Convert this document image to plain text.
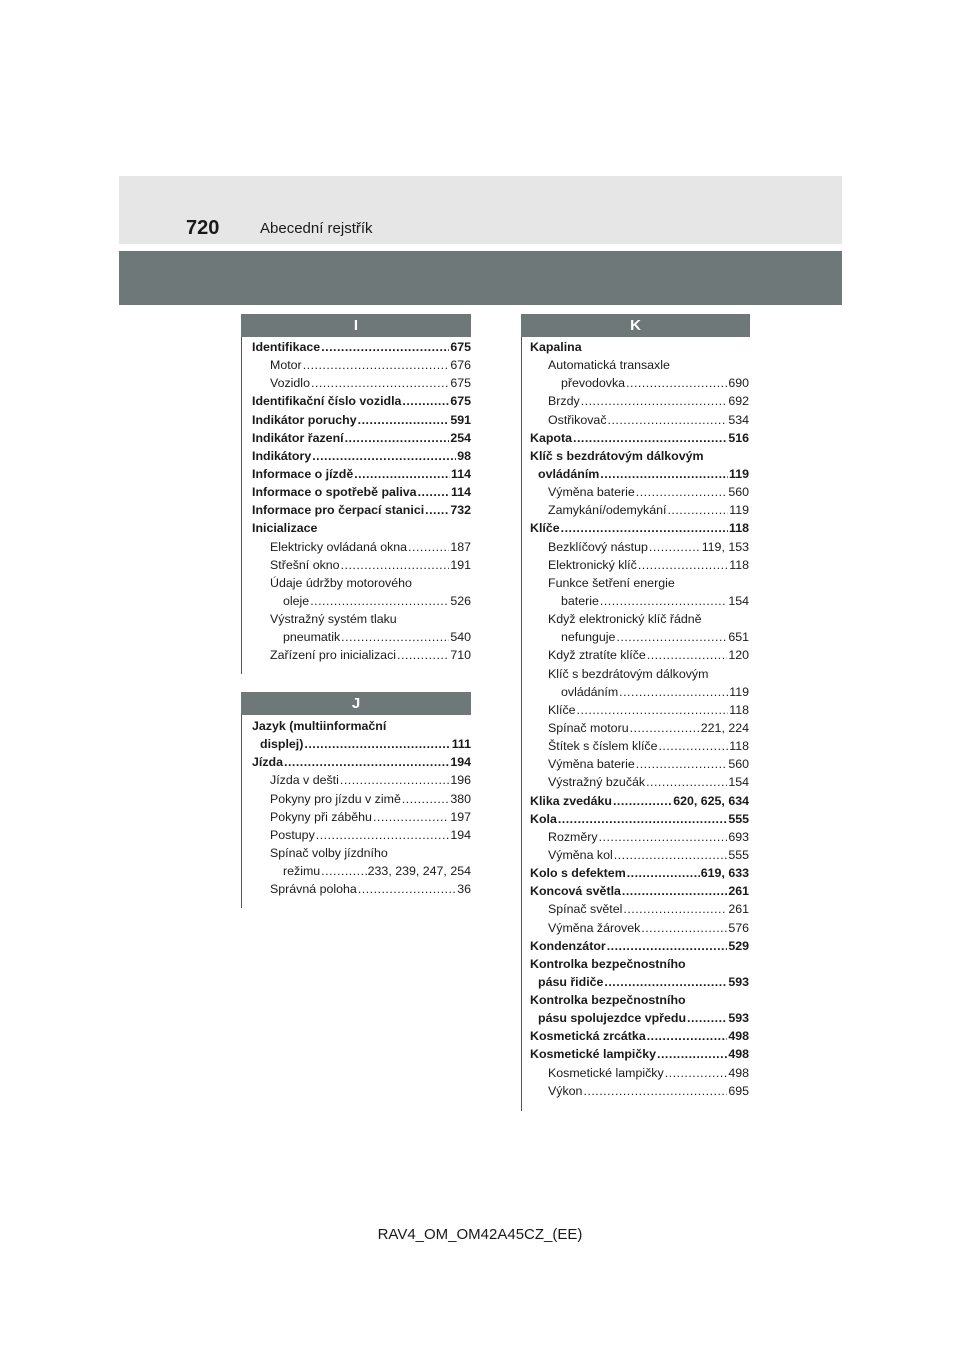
720	Abecední rejstřík
I
Identifikace .....	675
Motor .....	676
Vozidlo .....	675
Identifikační číslo vozidla .....	675
Indikátor poruchy .....	591
Indikátor řazení .....	254
Indikátory .....	98
Informace o jízdě .....	114
Informace o spotřebě paliva .....	114
Informace pro čerpací stanici ..... 732
Inicializace
Elektricky ovládaná okna .....	187
Střešní okno .....	191
Údaje údržby motorového
oleje .....	526
Výstražný systém tlaku
pneumatik .....	540
Zařízení pro inicializaci .....	710
J
Jazyk (multiinformační
displej) .....	111
Jízda .....	194
Jízda v dešti .....	196
Pokyny pro jízdu v zimě .....	380
Pokyny při záběhu .....	197
Postupy .....	194
Spínač volby jízdního
režimu .....	233, 239, 247, 254
Správná poloha .....	36
K
Kapalina
Automatická transaxle
převodovka .....	690
Brzdy .....	692
Ostřikovač .....	534
Kapota .....	516
Klíč s bezdrátovým dálkovým
ovládáním .....	119
Výměna baterie .....	560
Zamykání/odemykání .....	119
Klíče .....	118
Bezklíčový nástup .....	119, 153
Elektronický klíč .....	118
Funkce šetření energie
baterie .....	154
Když elektronický klíč řádně
nefunguje .....	651
Když ztratíte klíče .....	120
Klíč s bezdrátovým dálkovým
ovládáním .....	119
Klíče .....	118
Spínač motoru .....	221, 224
Štítek s číslem klíče .....	118
Výměna baterie .....	560
Výstražný bzučák .....	154
Klika zvedáku .....	620, 625, 634
Kola .....	555
Rozměry .....	693
Výměna kol .....	555
Kolo s defektem .....	619, 633
Koncová světla .....	261
Spínač světel .....	261
Výměna žárovek .....	576
Kondenzátor .....	529
Kontrolka bezpečnostního
pásu řidiče .....	593
Kontrolka bezpečnostního
pásu spolujezdce vpředu .....	593
Kosmetická zrcátka .....	498
Kosmetické lampičky .....	498
Kosmetické lampičky .....	498
Výkon .....	695
RAV4_OM_OM42A45CZ_(EE)
